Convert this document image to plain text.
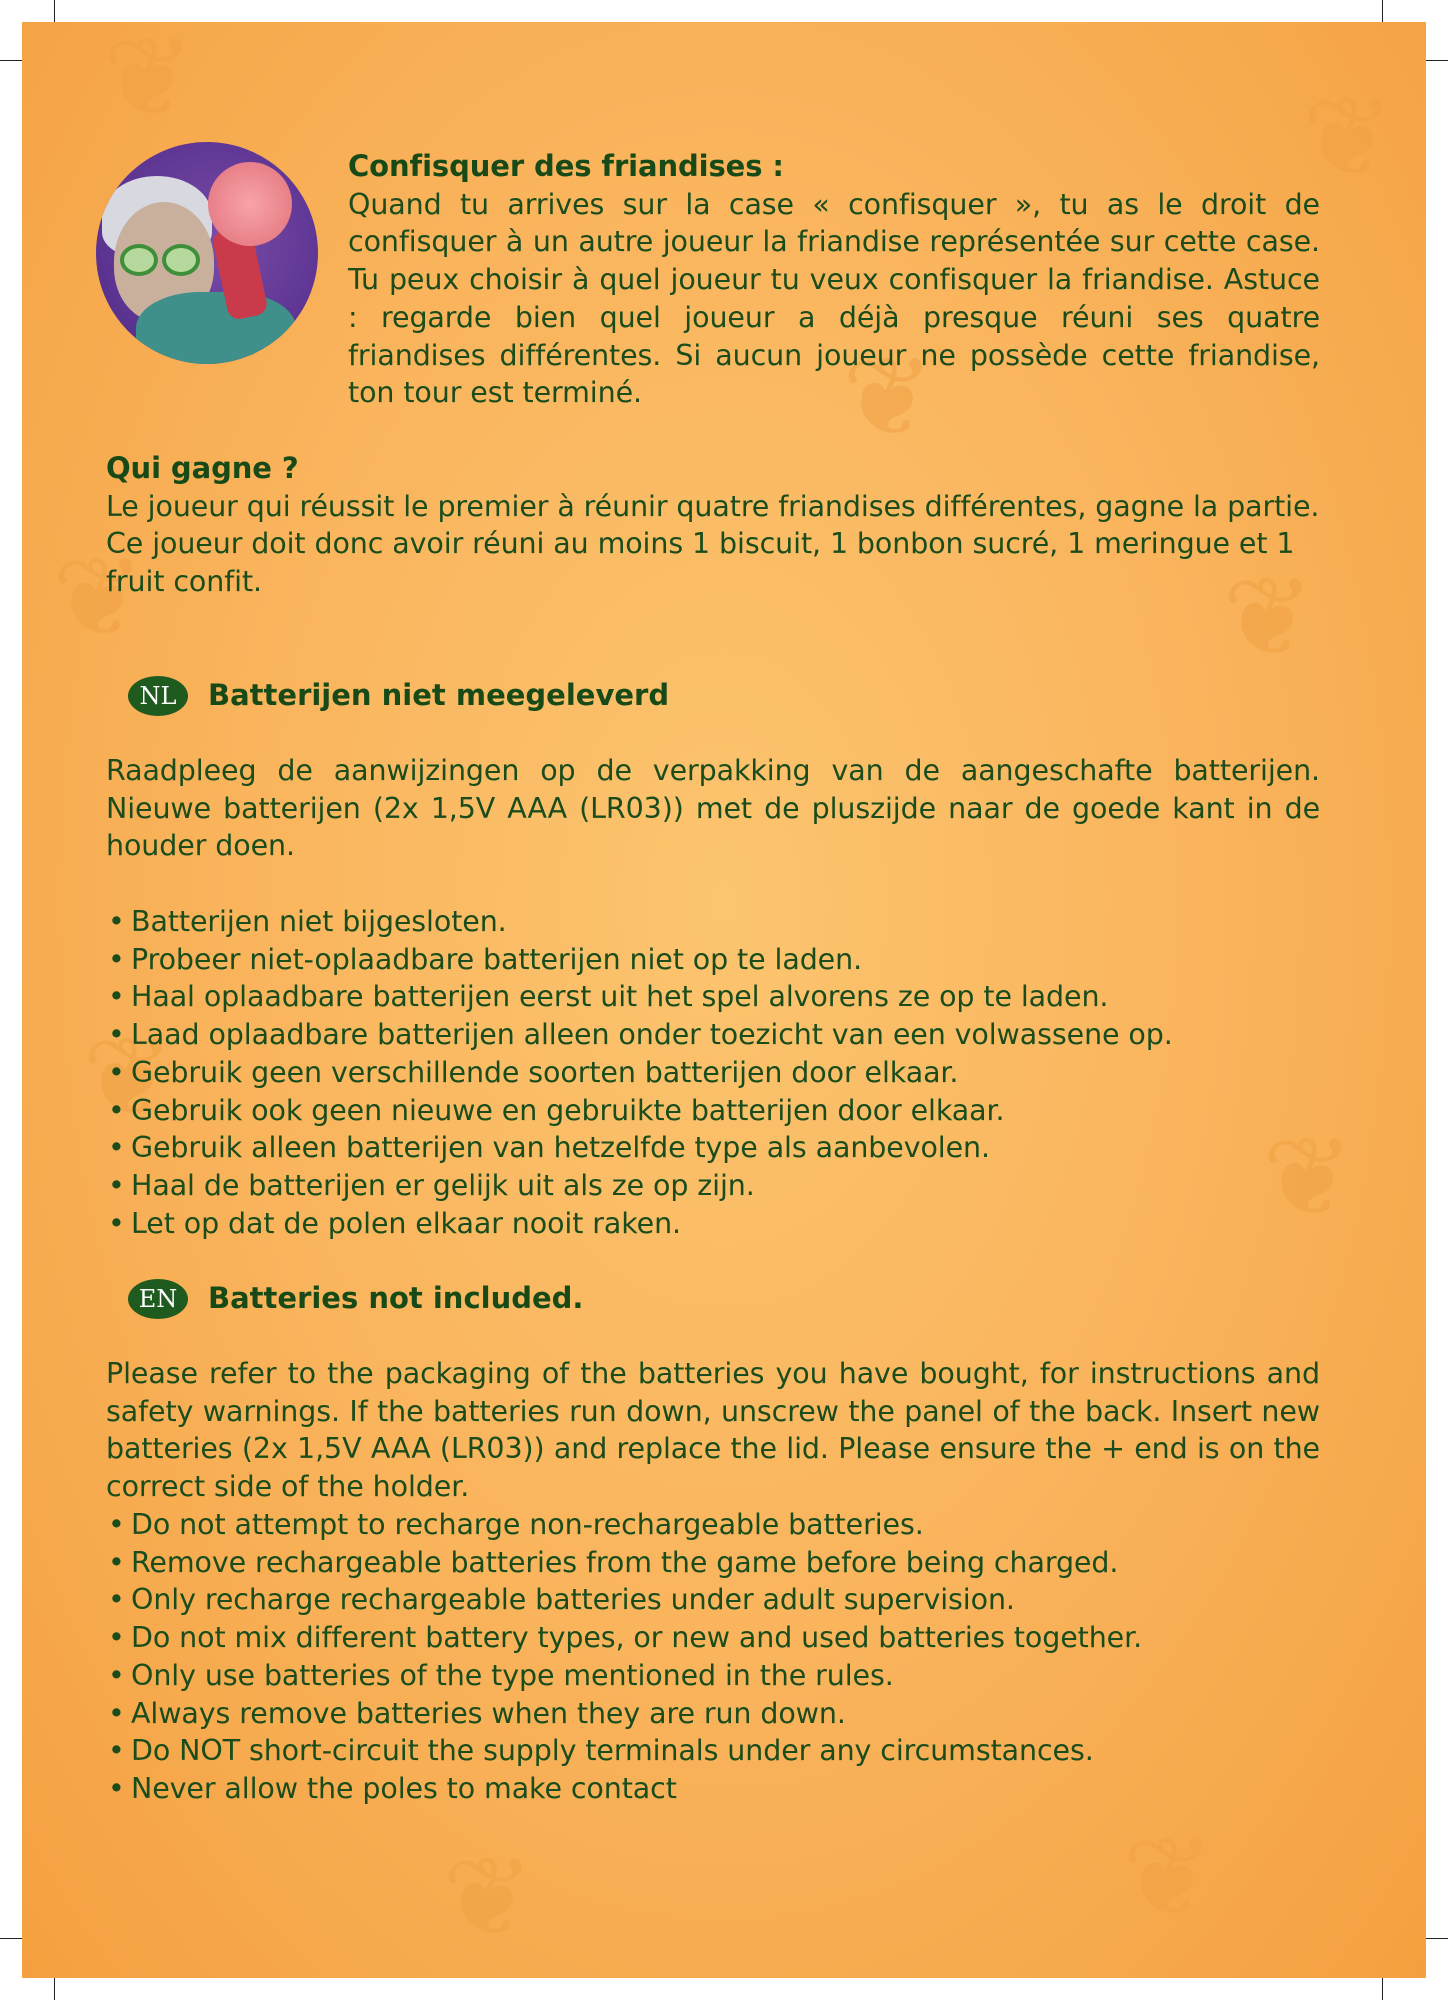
❦	❦
❦	❦
❦
❦
❦
❦	❦
Confisquer des friandises :
Quand tu arrives sur la case « confisquer », tu as le droit de confisquer à un autre joueur la friandise représentée sur cette case. Tu peux choisir à quel joueur tu veux confisquer la friandise. Astuce : regarde bien quel joueur a déjà presque réuni ses quatre friandises différentes. Si aucun joueur ne possède cette friandise, ton tour est terminé.
Qui gagne ?
Le joueur qui réussit le premier à réunir quatre friandises différentes, gagne la partie. Ce joueur doit donc avoir réuni au moins 1 biscuit, 1 bonbon sucré, 1 meringue et 1 fruit confit.
NL	Batterijen niet meegeleverd
Raadpleeg de aanwijzingen op de verpakking van de aangeschafte batterijen. Nieuwe batterijen (2x 1,5V AAA (LR03)) met de pluszijde naar de goede kant in de houder doen.
• Batterijen niet bijgesloten.
• Probeer niet-oplaadbare batterijen niet op te laden.
• Haal oplaadbare batterijen eerst uit het spel alvorens ze op te laden.
• Laad oplaadbare batterijen alleen onder toezicht van een volwassene op.
• Gebruik geen verschillende soorten batterijen door elkaar.
• Gebruik ook geen nieuwe en gebruikte batterijen door elkaar.
• Gebruik alleen batterijen van hetzelfde type als aanbevolen.
• Haal de batterijen er gelijk uit als ze op zijn.
• Let op dat de polen elkaar nooit raken.
EN	Batteries not included.
Please refer to the packaging of the batteries you have bought, for instructions and safety warnings. If the batteries run down, unscrew the panel of the back. Insert new batteries (2x 1,5V AAA (LR03)) and replace the lid. Please ensure the + end is on the correct side of the holder.
• Do not attempt to recharge non-rechargeable batteries.
• Remove rechargeable batteries from the game before being charged.
• Only recharge rechargeable batteries under adult supervision.
• Do not mix different battery types, or new and used batteries together.
• Only use batteries of the type mentioned in the rules.
• Always remove batteries when they are run down.
• Do NOT short-circuit the supply terminals under any circumstances.
• Never allow the poles to make contact
